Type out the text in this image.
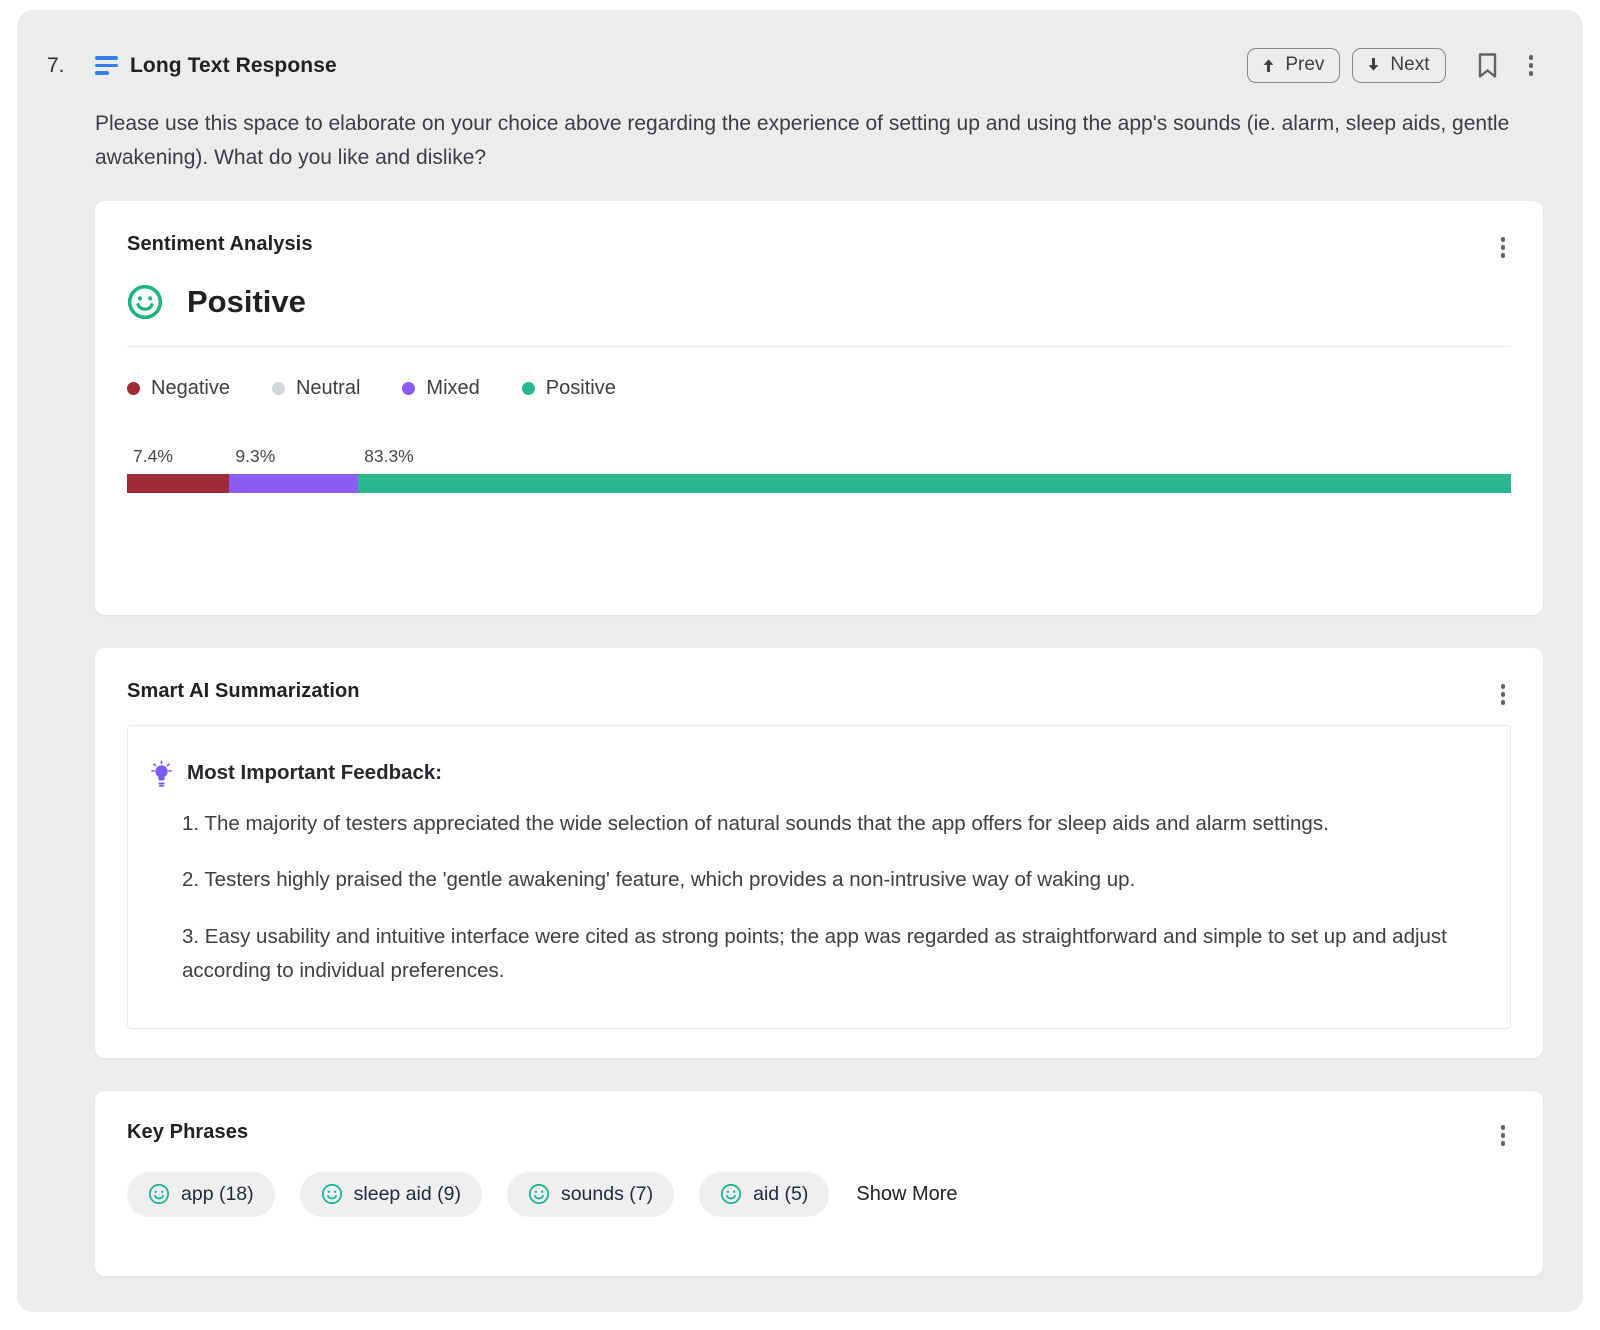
7.	Long Text Response	Prev	Next

Please use this space to elaborate on your choice above regarding the experience of setting up and using the app's sounds (ie. alarm, sleep aids, gentle awakening). What do you like and dislike?

Sentiment Analysis
Positive
Negative	Neutral	Mixed	Positive
7.4%	9.3%	83.3%
Smart AI Summarization
Most Important Feedback:

1. The majority of testers appreciated the wide selection of natural sounds that the app offers for sleep aids and alarm settings.

2. Testers highly praised the 'gentle awakening' feature, which provides a non-intrusive way of waking up.

3. Easy usability and intuitive interface were cited as strong points; the app was regarded as straightforward and simple to set up and adjust according to individual preferences.

Key Phrases
app (18)	sleep aid (9)	sounds (7)	aid (5) Show More
